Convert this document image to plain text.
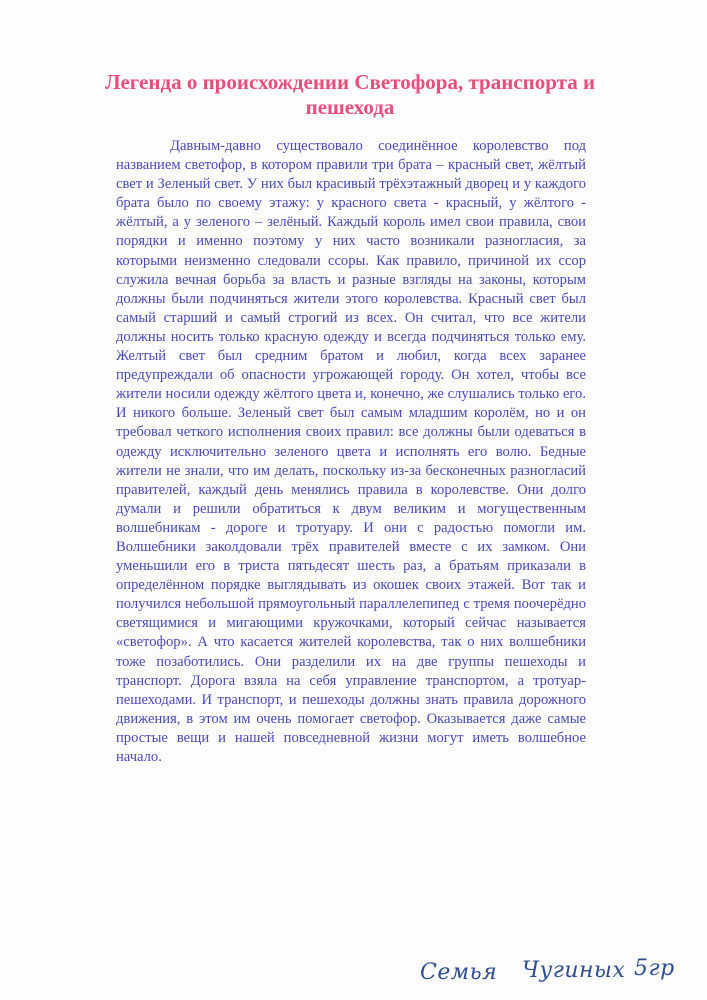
Легенда о происхождении Светофора, транспорта и пешехода

Давным-давно существовало соединённое королевство под названием светофор, в котором правили три брата – красный свет, жёлтый свет и Зеленый свет. У них был красивый трёхэтажный дворец и у каждого брата было по своему этажу: у красного света - красный, у жёлтого - жёлтый, а у зеленого – зелёный. Каждый король имел свои правила, свои порядки и именно поэтому у них часто возникали разногласия, за которыми неизменно следовали ссоры. Как правило, причиной их ссор служила вечная борьба за власть и разные взгляды на законы, которым должны были подчиняться жители этого королевства. Красный свет был самый старший и самый строгий из всех. Он считал, что все жители должны носить только красную одежду и всегда подчиняться только ему. Желтый свет был средним братом и любил, когда всех заранее предупреждали об опасности угрожающей городу. Он хотел, чтобы все жители носили одежду жёлтого цвета и, конечно, же слушались только его. И никого больше. Зеленый свет был самым младшим королём, но и он требовал четкого исполнения своих правил: все должны были одеваться в одежду исключительно зеленого цвета и исполнять его волю. Бедные жители не знали, что им делать, поскольку из-за бесконечных разногласий правителей, каждый день менялись правила в королевстве. Они долго думали и решили обратиться к двум великим и могущественным волшебникам - дороге и тротуару. И они с радостью помогли им. Волшебники заколдовали трёх правителей вместе с их замком. Они уменьшили его в триста пятьдесят шесть раз, а братьям приказали в определённом порядке выглядывать из окошек своих этажей. Вот так и получился небольшой прямоугольный параллелепипед с тремя поочерёдно светящимися и мигающими кружочками, который сейчас называется «светофор». А что касается жителей королевства, так о них волшебники тоже позаботились. Они разделили их на две группы пешеходы и транспорт. Дорога взяла на себя управление транспортом, а тротуар- пешеходами. И транспорт, и пешеходы должны знать правила дорожного движения, в этом им очень помогает светофор. Оказывается даже самые простые вещи и нашей повседневной жизни могут иметь волшебное начало.

Семья Чугиных 5гр
